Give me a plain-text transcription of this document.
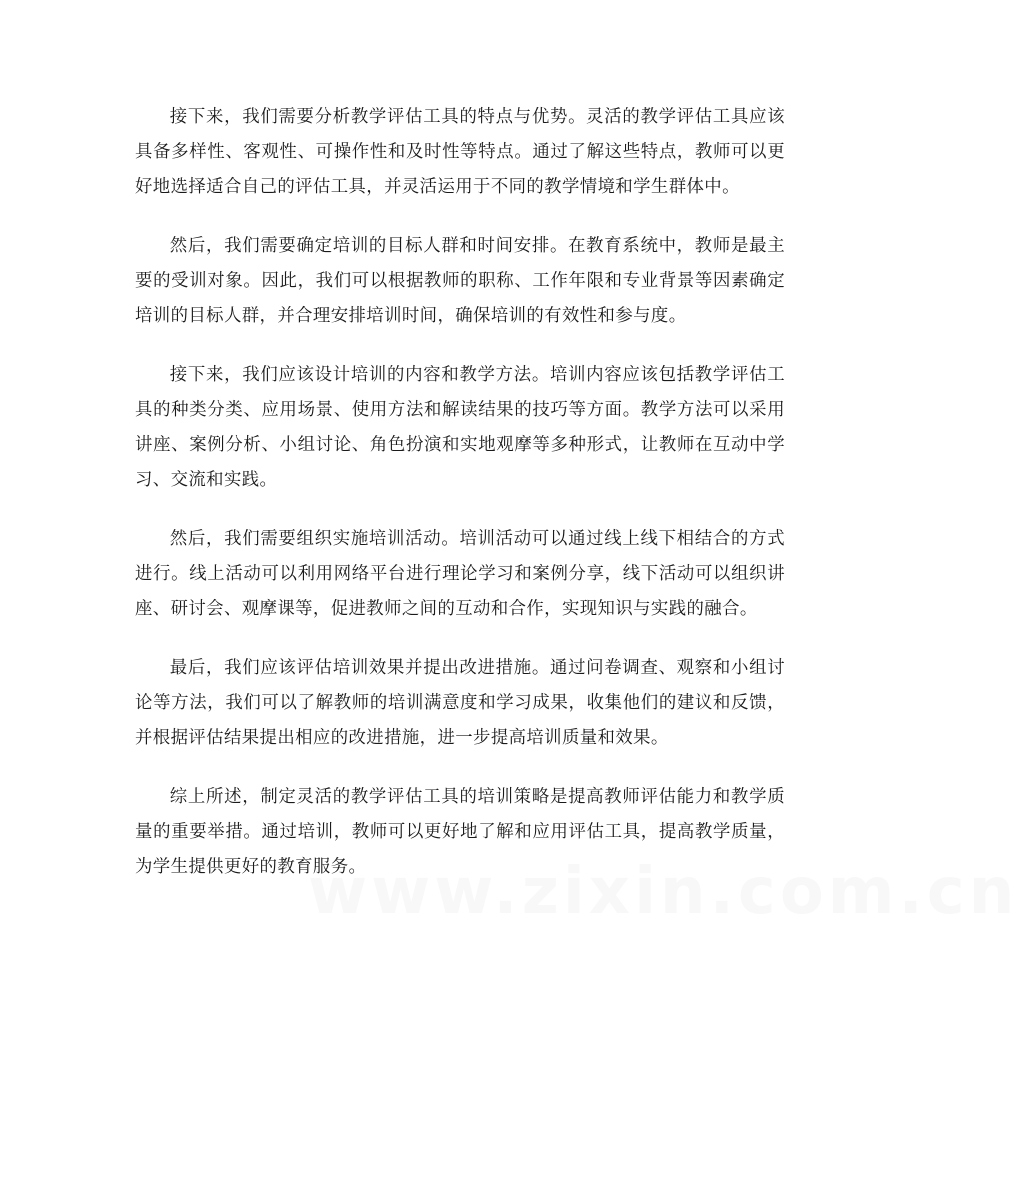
接下来，我们需要分析教学评估工具的特点与优势。灵活的教学评估工具应该具备多样性、客观性、可操作性和及时性等特点。通过了解这些特点，教师可以更好地选择适合自己的评估工具，并灵活运用于不同的教学情境和学生群体中。

然后，我们需要确定培训的目标人群和时间安排。在教育系统中，教师是最主要的受训对象。因此，我们可以根据教师的职称、工作年限和专业背景等因素确定培训的目标人群，并合理安排培训时间，确保培训的有效性和参与度。

接下来，我们应该设计培训的内容和教学方法。培训内容应该包括教学评估工具的种类分类、应用场景、使用方法和解读结果的技巧等方面。教学方法可以采用讲座、案例分析、小组讨论、角色扮演和实地观摩等多种形式，让教师在互动中学习、交流和实践。

然后，我们需要组织实施培训活动。培训活动可以通过线上线下相结合的方式进行。线上活动可以利用网络平台进行理论学习和案例分享，线下活动可以组织讲座、研讨会、观摩课等，促进教师之间的互动和合作，实现知识与实践的融合。

最后，我们应该评估培训效果并提出改进措施。通过问卷调查、观察和小组讨论等方法，我们可以了解教师的培训满意度和学习成果，收集他们的建议和反馈，并根据评估结果提出相应的改进措施，进一步提高培训质量和效果。

综上所述，制定灵活的教学评估工具的培训策略是提高教师评估能力和教学质量的重要举措。通过培训，教师可以更好地了解和应用评估工具，提高教学质量，为学生提供更好的教育服务。

www.zixin.com.cn
